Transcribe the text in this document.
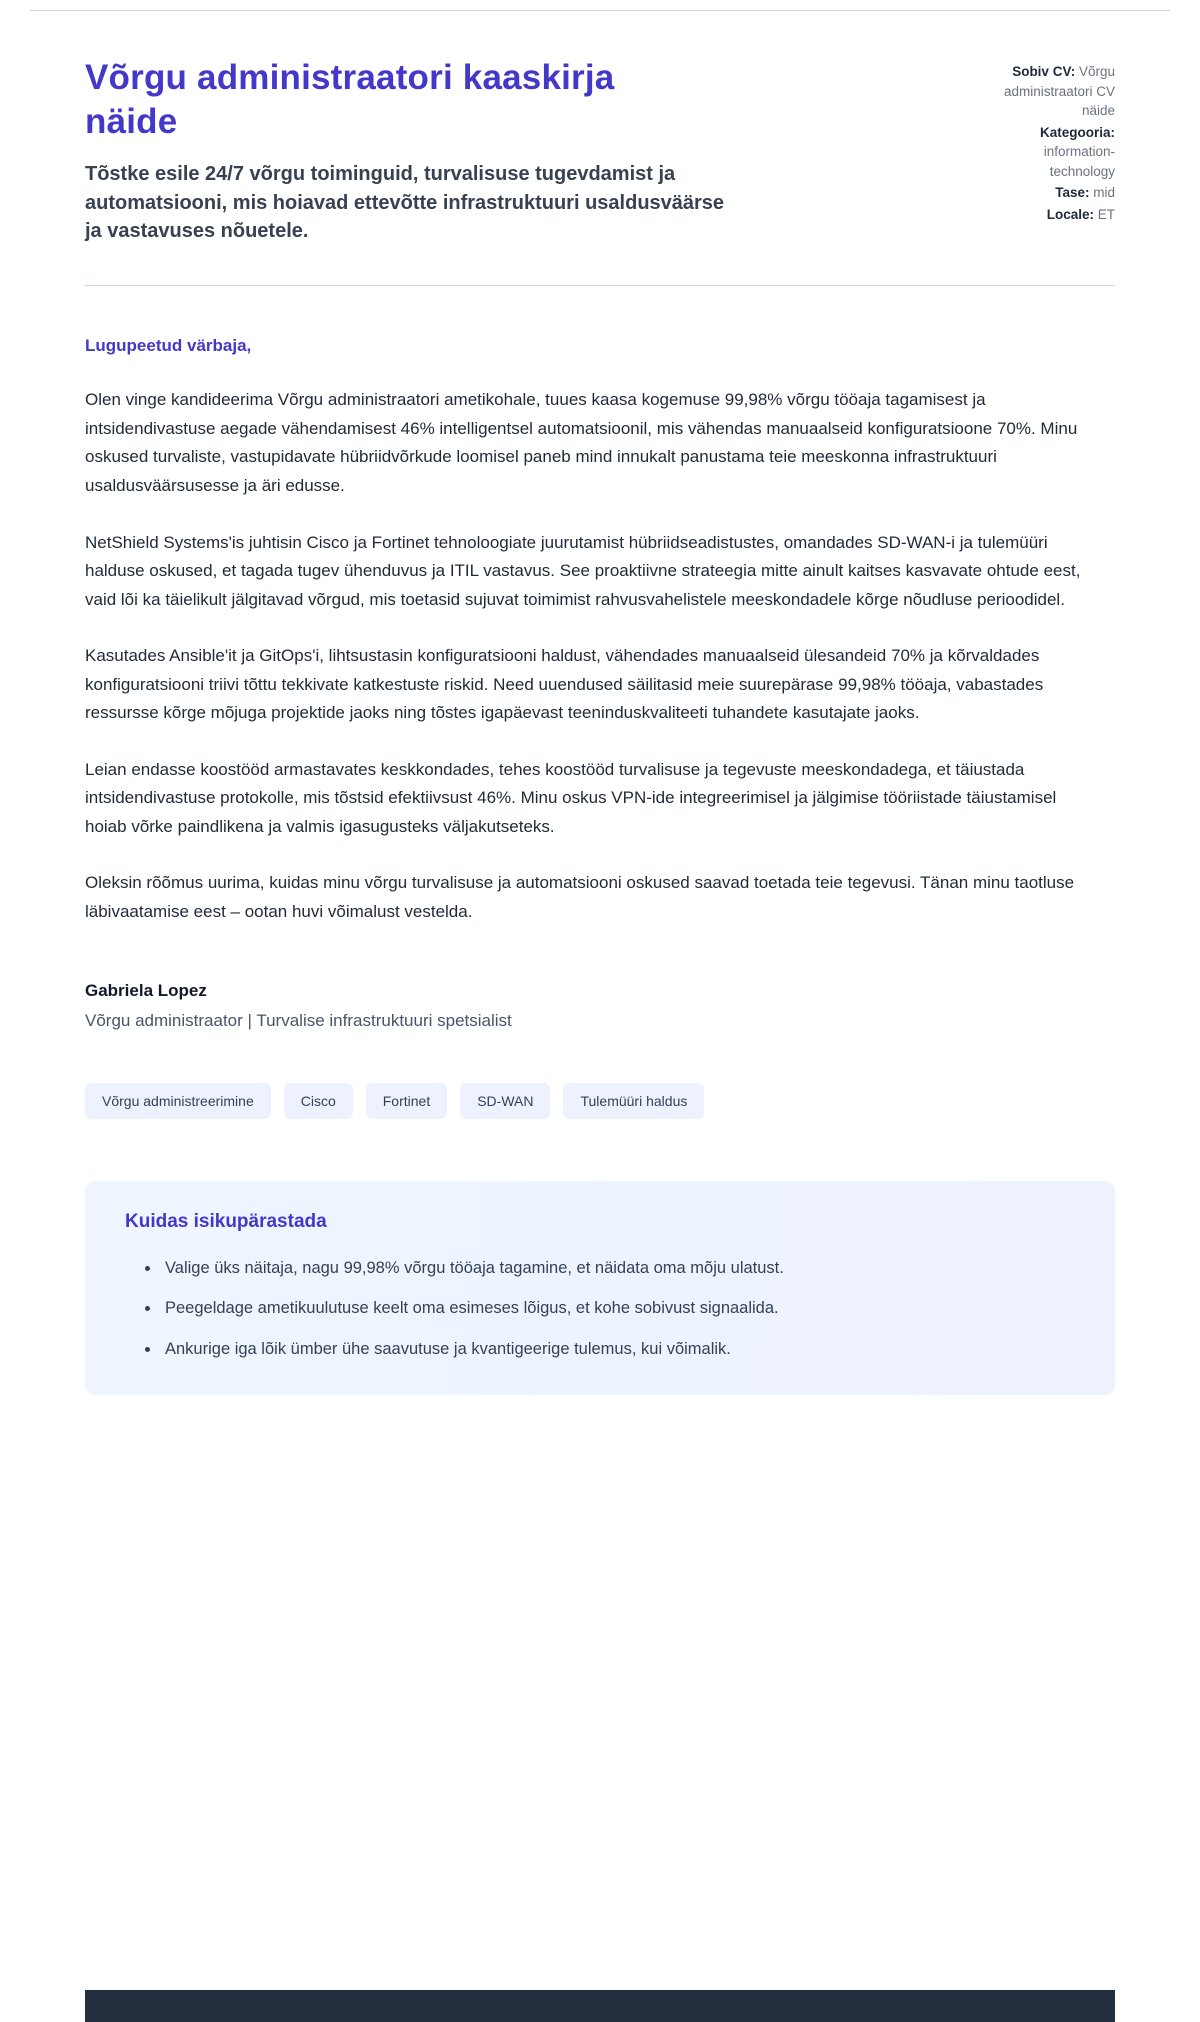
Võrgu administraatori kaaskirja näide
Tõstke esile 24/7 võrgu toiminguid, turvalisuse tugevdamist ja automatsiooni, mis hoiavad ettevõtte infrastruktuuri usaldusväärse ja vastavuses nõuetele.
Sobiv CV: Võrgu administraatori CV näide
Kategooria: information-technology
Tase: mid
Locale: ET
Lugupeetud värbaja,

Olen vinge kandideerima Võrgu administraatori ametikohale, tuues kaasa kogemuse 99,98% võrgu tööaja tagamisest ja intsidendivastuse aegade vähendamisest 46% intelligentsel automatsioonil, mis vähendas manuaalseid konfiguratsioone 70%. Minu oskused turvaliste, vastupidavate hübriidvõrkude loomisel paneb mind innukalt panustama teie meeskonna infrastruktuuri usaldusväärsusesse ja äri edusse.

NetShield Systems'is juhtisin Cisco ja Fortinet tehnoloogiate juurutamist hübriidseadistustes, omandades SD-WAN-i ja tulemüüri halduse oskused, et tagada tugev ühenduvus ja ITIL vastavus. See proaktiivne strateegia mitte ainult kaitses kasvavate ohtude eest, vaid lõi ka täielikult jälgitavad võrgud, mis toetasid sujuvat toimimist rahvusvahelistele meeskondadele kõrge nõudluse perioodidel.

Kasutades Ansible'it ja GitOps'i, lihtsustasin konfiguratsiooni haldust, vähendades manuaalseid ülesandeid 70% ja kõrvaldades konfiguratsiooni triivi tõttu tekkivate katkestuste riskid. Need uuendused säilitasid meie suurepärase 99,98% tööaja, vabastades ressursse kõrge mõjuga projektide jaoks ning tõstes igapäevast teeninduskvaliteeti tuhandete kasutajate jaoks.

Leian endasse koostööd armastavates keskkondades, tehes koostööd turvalisuse ja tegevuste meeskondadega, et täiustada intsidendivastuse protokolle, mis tõstsid efektiivsust 46%. Minu oskus VPN-ide integreerimisel ja jälgimise tööriistade täiustamisel hoiab võrke paindlikena ja valmis igasugusteks väljakutseteks.

Oleksin rõõmus uurima, kuidas minu võrgu turvalisuse ja automatsiooni oskused saavad toetada teie tegevusi. Tänan minu taotluse läbivaatamise eest – ootan huvi võimalust vestelda.

Gabriela Lopez
Võrgu administraator | Turvalise infrastruktuuri spetsialist
Võrgu administreerimine	Cisco	Fortinet	SD-WAN	Tulemüüri haldus
Kuidas isikupärastada
• Valige üks näitaja, nagu 99,98% võrgu tööaja tagamine, et näidata oma mõju ulatust.
• Peegeldage ametikuulutuse keelt oma esimeses lõigus, et kohe sobivust signaalida.
• Ankurige iga lõik ümber ühe saavutuse ja kvantigeerige tulemus, kui võimalik.
